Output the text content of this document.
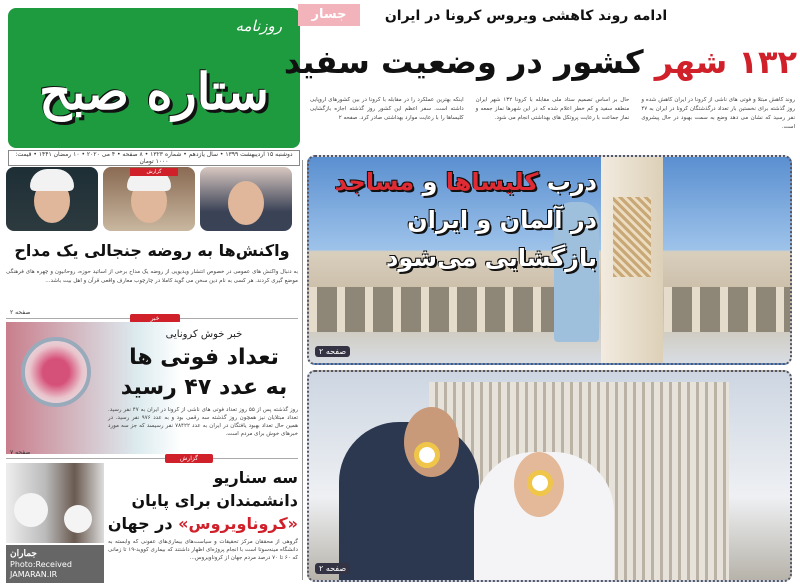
روزنامه
ستاره صبح
دوشنبه ۱۵ اردیبهشت ۱۳۹۹ • سال یازدهم • شماره ۱۳۲۳ • ۸ صفحه • ۴ می ۲۰۲۰ • ۱۰ رمضان ۱۴۴۱ • قیمت: ۱۰۰۰ تومان
جسار	ادامه روند کاهشی ویروس کرونا در ایران
۱۳۲ شهر کشور در وضعیت سفید
روند کاهش مبتلا و فوتی های ناشی از کرونا در ایران کاهش شده و روز گذشته برای نخستین بار تعداد درگذشتگان کرونا در ایران به ۴۷ نفر رسید که نشان می دهد وضع به سمت بهبود در حال پیشروی است.
حال بر اساس تصمیم ستاد ملی مقابله با کرونا ۱۳۲ شهر ایران منطقه سفید و کم خطر اعلام شده که در این شهرها نماز جمعه و نماز جماعت با رعایت پروتکل های بهداشتی انجام می شود.
اینکه بهترین عملکرد را در مقابله با کرونا در بین کشورهای اروپایی داشته است. سفر اعظم این کشور روز گذشته اجازه بازگشایی کلیساها را با رعایت موارد بهداشتی صادر کرد. صفحه ۲
درب کلیساها و مساجد
در آلمان و ایران
بازگشایی می‌شود
صفحه ۲
صفحه ۲
گزارش
واکنش‌ها به روضه جنجالی یک مداح
به دنبال واکنش های عمومی در خصوص انتشار ویدیویی از روضه یک مداح برخی از اساتید حوزه، روحانیون و چهره های فرهنگی موضع گیری کردند. هر کسی به نام دین سخن می گوید کاملا در چارچوب معارف واقعی قرآن و اهل بیت باشد...
صفحه ۲
خبر
خبر خوش کرونایی
تعداد فوتی ها
به عدد ۴۷ رسید
روز گذشته پس از ۵۵ روز تعداد فوتی های ناشی از کرونا در ایران به ۴۷ نفر رسید. تعداد مبتلایان نیز همچون روز گذشته سه رقمی بود و به عدد ۹۷۶ نفر رسید. در همین حال تعداد بهبود یافتگان در ایران به عدد ۷۸۴۲۲ نفر رسیسد که جز سه مورد خبرهای خوش برای مردم است.
صفحه ۷
گزارش
سه سناریو
دانشمندان برای پایان
«کروناویروس» در جهان
گروهی از محققان مرکز تحقیقات و سیاست‌های بیماری‌های عفونی که وابسته به دانشگاه مینه‌سوتا است با انجام پروژه‌ای اظهار داشتند که بیماری کووید-۱۹ تا زمانی که ۶۰ تا ۷۰ درصد مردم جهان از کروناویروس...
جماران
Photo:Received
JAMARAN.IR
